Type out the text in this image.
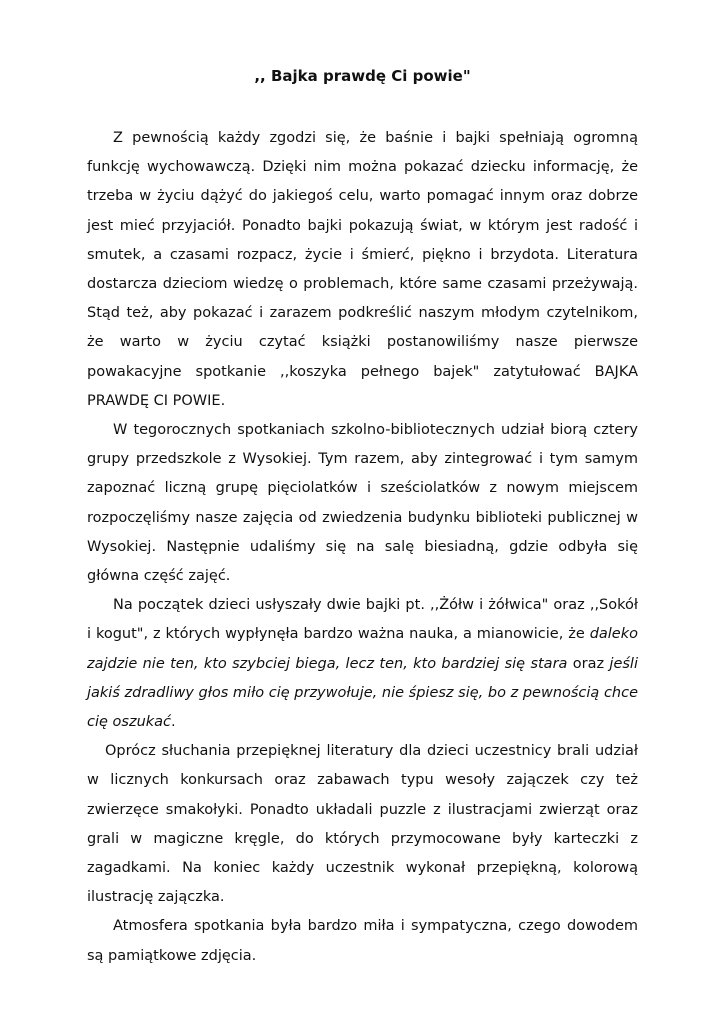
,, Bajka prawdę Ci powie"

Z pewnością każdy zgodzi się, że baśnie i bajki spełniają ogromną funkcję wychowawczą. Dzięki nim można pokazać dziecku informację, że trzeba w życiu dążyć do jakiegoś celu, warto pomagać innym oraz dobrze jest mieć przyjaciół. Ponadto bajki pokazują świat, w którym jest radość i smutek, a czasami rozpacz, życie i śmierć, piękno i brzydota. Literatura dostarcza dzieciom wiedzę o problemach, które same czasami przeżywają. Stąd też, aby pokazać i zarazem podkreślić naszym młodym czytelnikom, że warto w życiu czytać książki postanowiliśmy nasze pierwsze powakacyjne spotkanie ,,koszyka pełnego bajek" zatytułować BAJKA PRAWDĘ CI POWIE.

W tegorocznych spotkaniach szkolno-bibliotecznych udział biorą cztery grupy przedszkole z Wysokiej. Tym razem, aby zintegrować i tym samym zapoznać liczną grupę pięciolatków i sześciolatków z nowym miejscem rozpoczęliśmy nasze zajęcia od zwiedzenia budynku biblioteki publicznej w Wysokiej. Następnie udaliśmy się na salę biesiadną, gdzie odbyła się główna część zajęć.

Na początek dzieci usłyszały dwie bajki pt. ,,Żółw i żółwica" oraz ,,Sokół i kogut", z których wypłynęła bardzo ważna nauka, a mianowicie, że daleko zajdzie nie ten, kto szybciej biega, lecz ten, kto bardziej się stara oraz jeśli jakiś zdradliwy głos miło cię przywołuje, nie śpiesz się, bo z pewnością chce cię oszukać.

Oprócz słuchania przepięknej literatury dla dzieci uczestnicy brali udział w licznych konkursach oraz zabawach typu wesoły zajączek czy też zwierzęce smakołyki. Ponadto układali puzzle z ilustracjami zwierząt oraz grali w magiczne kręgle, do których przymocowane były karteczki z zagadkami. Na koniec każdy uczestnik wykonał przepiękną, kolorową ilustrację zajączka.

Atmosfera spotkania była bardzo miła i sympatyczna, czego dowodem są pamiątkowe zdjęcia.
